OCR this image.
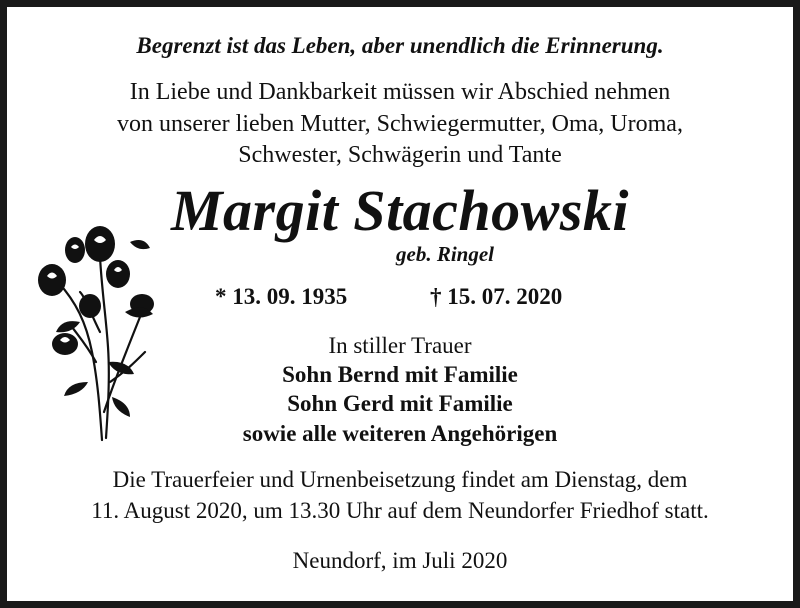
Begrenzt ist das Leben, aber unendlich die Erinnerung.
In Liebe und Dankbarkeit müssen wir Abschied nehmen
von unserer lieben Mutter, Schwiegermutter, Oma, Uroma,
Schwester, Schwägerin und Tante
Margit Stachowski
geb. Ringel
* 13. 09. 1935	† 15. 07. 2020
In stiller Trauer
Sohn Bernd mit Familie
Sohn Gerd mit Familie
sowie alle weiteren Angehörigen
Die Trauerfeier und Urnenbeisetzung findet am Dienstag, dem
11. August 2020, um 13.30 Uhr auf dem Neundorfer Friedhof statt.
Neundorf, im Juli 2020
